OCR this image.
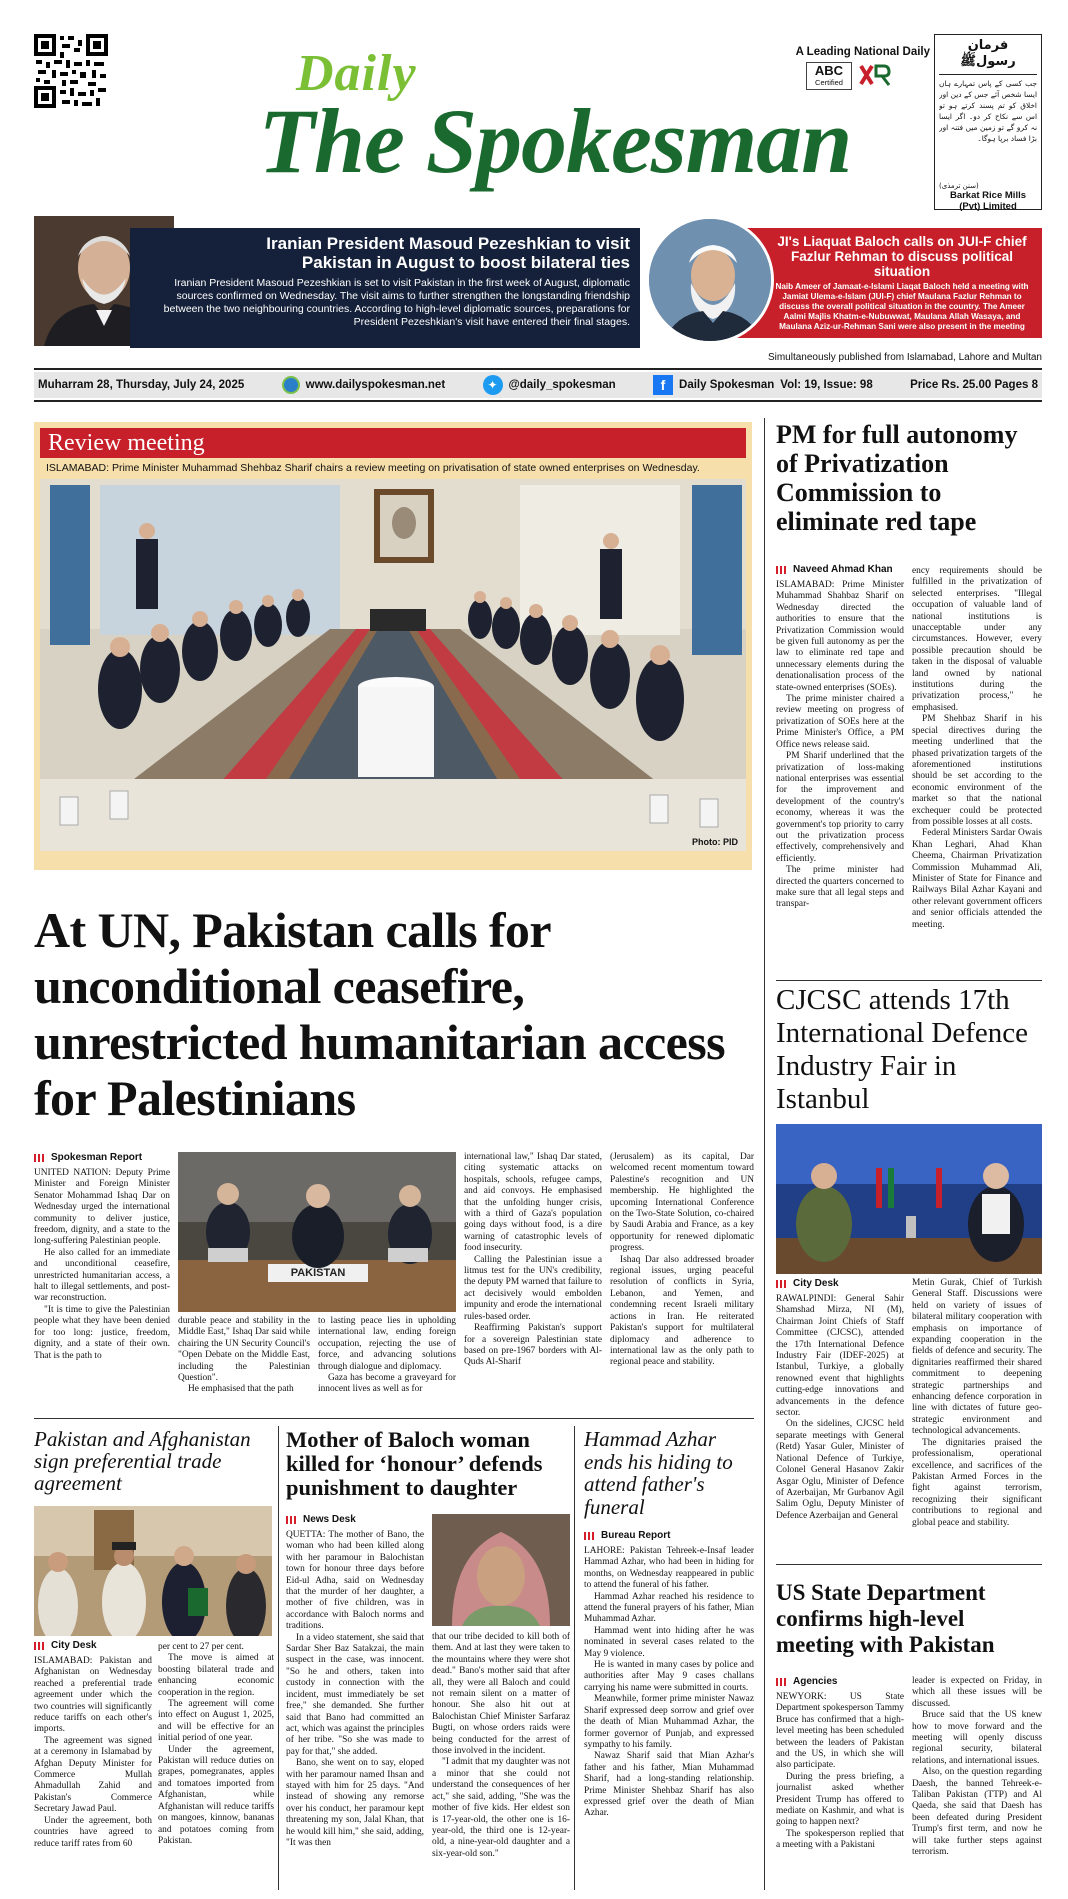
Daily
The Spokesman
A Leading National Daily
ABC
Certified
فرمانِ رسولﷺ
جب کسی کے پاس تمہارے ہاں ایسا شخص آئے جس کے دین اور اخلاق کو تم پسند کرتے ہو تو اس سے نکاح کر دو۔ اگر ایسا نہ کرو گے تو زمین میں فتنہ اور بڑا فساد برپا ہوگا۔
(سنن ترمذی)
Barkat Rice Mills
(Pvt) Limited
Iranian President Masoud Pezeshkian to visit Pakistan in August to boost bilateral ties
Iranian President Masoud Pezeshkian is set to visit Pakistan in the first week of August, diplomatic sources confirmed on Wednesday. The visit aims to further strengthen the longstanding friendship between the two neighbouring countries. According to high-level diplomatic sources, preparations for President Pezeshkian's visit have entered their final stages.
JI's Liaquat Baloch calls on JUI-F chief Fazlur Rehman to discuss political situation
Naib Ameer of Jamaat-e-Islami Liaqat Baloch held a meeting with Jamiat Ulema-e-Islam (JUI-F) chief Maulana Fazlur Rehman to discuss the overall political situation in the country. The Ameer Aalmi Majlis Khatm-e-Nubuwwat, Maulana Allah Wasaya, and Maulana Aziz-ur-Rehman Sani were also present in the meeting
Simultaneously published from Islamabad, Lahore and Multan
Muharram 28, Thursday, July 24, 2025	www.dailyspokesman.net	✦ @daily_spokesman	f	Daily Spokesman Vol: 19, Issue: 98	Price Rs. 25.00 Pages 8
Review meeting
ISLAMABAD: Prime Minister Muhammad Shehbaz Sharif chairs a review meeting on privatisation of state owned enterprises on Wednesday.
Photo: PID
PM for full autonomy of Privatization Commission to eliminate red tape
Naveed Ahmad Khan

ISLAMABAD: Prime Minister Muhammad Shahbaz Sharif on Wednesday directed the authorities to ensure that the Privatization Commission would be given full autonomy as per the law to eliminate red tape and unnecessary elements during the denationalisation process of the state-owned enterprises (SOEs).

The prime minister chaired a review meeting on progress of privatization of SOEs here at the Prime Minister's Office, a PM Office news release said.

PM Sharif underlined that the privatization of loss-making national enterprises was essential for the improvement and development of the country's economy, whereas it was the government's top priority to carry out the privatization process effectively, comprehensively and efficiently.

The prime minister had directed the quarters concerned to make sure that all legal steps and transpar-

ency requirements should be fulfilled in the privatization of selected enterprises. "Illegal occupation of valuable land of national institutions is unacceptable under any circumstances. However, every possible precaution should be taken in the disposal of valuable land owned by national institutions during the privatization process," he emphasised.

PM Shehbaz Sharif in his special directives during the meeting underlined that the phased privatization targets of the aforementioned institutions should be set according to the economic environment of the market so that the national exchequer could be protected from possible losses at all costs.

Federal Ministers Sardar Owais Khan Leghari, Ahad Khan Cheema, Chairman Privatization Commission Muhammad Ali, Minister of State for Finance and Railways Bilal Azhar Kayani and other relevant government officers and senior officials attended the meeting.

At UN, Pakistan calls for unconditional ceasefire, unrestricted humanitarian access for Palestinians
Spokesman Report

UNITED NATION: Deputy Prime Minister and Foreign Minister Senator Mohammad Ishaq Dar on Wednesday urged the international community to deliver justice, freedom, dignity, and a state to the long-suffering Palestinian people.

He also called for an immediate and unconditional ceasefire, unrestricted humanitarian access, a halt to illegal settlements, and post-war reconstruction.

"It is time to give the Palestinian people what they have been denied for too long: justice, freedom, dignity, and a state of their own. That is the path to

PAKISTAN

durable peace and stability in the Middle East," Ishaq Dar said while chairing the UN Security Council's "Open Debate on the Middle East, including the Palestinian Question".

He emphasised that the path

to lasting peace lies in upholding international law, ending foreign occupation, rejecting the use of force, and advancing solutions through dialogue and diplomacy.

Gaza has become a graveyard for innocent lives as well as for

international law," Ishaq Dar stated, citing systematic attacks on hospitals, schools, refugee camps, and aid convoys. He emphasised that the unfolding hunger crisis, with a third of Gaza's population going days without food, is a dire warning of catastrophic levels of food insecurity.

Calling the Palestinian issue a litmus test for the UN's credibility, the deputy PM warned that failure to act decisively would embolden impunity and erode the international rules-based order.

Reaffirming Pakistan's support for a sovereign Palestinian state based on pre-1967 borders with Al-Quds Al-Sharif

(Jerusalem) as its capital, Dar welcomed recent momentum toward Palestine's recognition and UN membership. He highlighted the upcoming International Conference on the Two-State Solution, co-chaired by Saudi Arabia and France, as a key opportunity for renewed diplomatic progress.

Ishaq Dar also addressed broader regional issues, urging peaceful resolution of conflicts in Syria, Lebanon, and Yemen, and condemning recent Israeli military actions in Iran. He reiterated Pakistan's support for multilateral diplomacy and adherence to international law as the only path to regional peace and stability.

CJCSC attends 17th International Defence Industry Fair in Istanbul
City Desk

RAWALPINDI: General Sahir Shamshad Mirza, NI (M), Chairman Joint Chiefs of Staff Committee (CJCSC), attended the 17th International Defence Industry Fair (IDEF-2025) at Istanbul, Turkiye, a globally renowned event that highlights cutting-edge innovations and advancements in the defence sector.

On the sidelines, CJCSC held separate meetings with General (Retd) Yasar Guler, Minister of National Defence of Turkiye, Colonel General Hasanov Zakir Asgar Oglu, Minister of Defence of Azerbaijan, Mr Gurbanov Agil Salim Oglu, Deputy Minister of Defence Azerbaijan and General

Metin Gurak, Chief of Turkish General Staff. Discussions were held on variety of issues of bilateral military cooperation with emphasis on importance of expanding cooperation in the fields of defence and security. The dignitaries reaffirmed their shared commitment to deepening strategic partnerships and enhancing defence corporation in line with dictates of future geo-strategic environment and technological advancements.

The dignitaries praised the professionalism, operational excellence, and sacrifices of the Pakistan Armed Forces in the fight against terrorism, recognizing their significant contributions to regional and global peace and stability.

US State Department confirms high-level meeting with Pakistan
Agencies

NEWYORK: US State Department spokesperson Tammy Bruce has confirmed that a high-level meeting has been scheduled between the leaders of Pakistan and the US, in which she will also participate.

During the press briefing, a journalist asked whether President Trump has offered to mediate on Kashmir, and what is going to happen next?

The spokesperson replied that a meeting with a Pakistani

leader is expected on Friday, in which all these issues will be discussed.

Bruce said that the US knew how to move forward and the meeting will openly discuss regional security, bilateral relations, and international issues.

Also, on the question regarding Daesh, the banned Tehreek-e-Taliban Pakistan (TTP) and Al Qaeda, she said that Daesh has been defeated during President Trump's first term, and now he will take further steps against terrorism.

Pakistan and Afghanistan sign preferential trade agreement
City Desk

ISLAMABAD: Pakistan and Afghanistan on Wednesday reached a preferential trade agreement under which the two countries will significantly reduce tariffs on each other's imports.

The agreement was signed at a ceremony in Islamabad by Afghan Deputy Minister for Commerce Mullah Ahmadullah Zahid and Pakistan's Commerce Secretary Jawad Paul.

Under the agreement, both countries have agreed to reduce tariff rates from 60

per cent to 27 per cent.

The move is aimed at boosting bilateral trade and enhancing economic cooperation in the region.

The agreement will come into effect on August 1, 2025, and will be effective for an initial period of one year.

Under the agreement, Pakistan will reduce duties on grapes, pomegranates, apples and tomatoes imported from Afghanistan, while Afghanistan will reduce tariffs on mangoes, kinnow, bananas and potatoes coming from Pakistan.

Mother of Baloch woman killed for ‘honour’ defends punishment to daughter
News Desk

QUETTA: The mother of Bano, the woman who had been killed along with her paramour in Balochistan town for honour three days before Eid-ul Adha, said on Wednesday that the murder of her daughter, a mother of five children, was in accordance with Baloch norms and traditions.

In a video statement, she said that Sardar Sher Baz Satakzai, the main suspect in the case, was innocent. "So he and others, taken into custody in connection with the incident, must immediately be set free," she demanded. She further said that Bano had committed an act, which was against the principles of her tribe. "So she was made to pay for that," she added.

Bano, she went on to say, eloped with her paramour named Ihsan and stayed with him for 25 days. "And instead of showing any remorse over his conduct, her paramour kept threatening my son, Jalal Khan, that he would kill him," she said, adding, "It was then

that our tribe decided to kill both of them. And at last they were taken to the mountains where they were shot dead." Bano's mother said that after all, they were all Baloch and could not remain silent on a matter of honour. She also hit out at Balochistan Chief Minister Sarfaraz Bugti, on whose orders raids were being conducted for the arrest of those involved in the incident.

"I admit that my daughter was not a minor that she could not understand the consequences of her act," she said, adding, "She was the mother of five kids. Her eldest son is 17-year-old, the other one is 16-year-old, the third one is 12-year-old, a nine-year-old daughter and a six-year-old son."

Hammad Azhar ends his hiding to attend father's funeral
Bureau Report

LAHORE: Pakistan Tehreek-e-Insaf leader Hammad Azhar, who had been in hiding for months, on Wednesday reappeared in public to attend the funeral of his father.

Hammad Azhar reached his residence to attend the funeral prayers of his father, Mian Muhammad Azhar.

Hammad went into hiding after he was nominated in several cases related to the May 9 violence.

He is wanted in many cases by police and authorities after May 9 cases challans carrying his name were submitted in courts.

Meanwhile, former prime minister Nawaz Sharif expressed deep sorrow and grief over the death of Mian Muhammad Azhar, the former governor of Punjab, and expressed sympathy to his family.

Nawaz Sharif said that Mian Azhar's father and his father, Mian Muhammad Sharif, had a long-standing relationship. Prime Minister Shehbaz Sharif has also expressed grief over the death of Mian Azhar.
